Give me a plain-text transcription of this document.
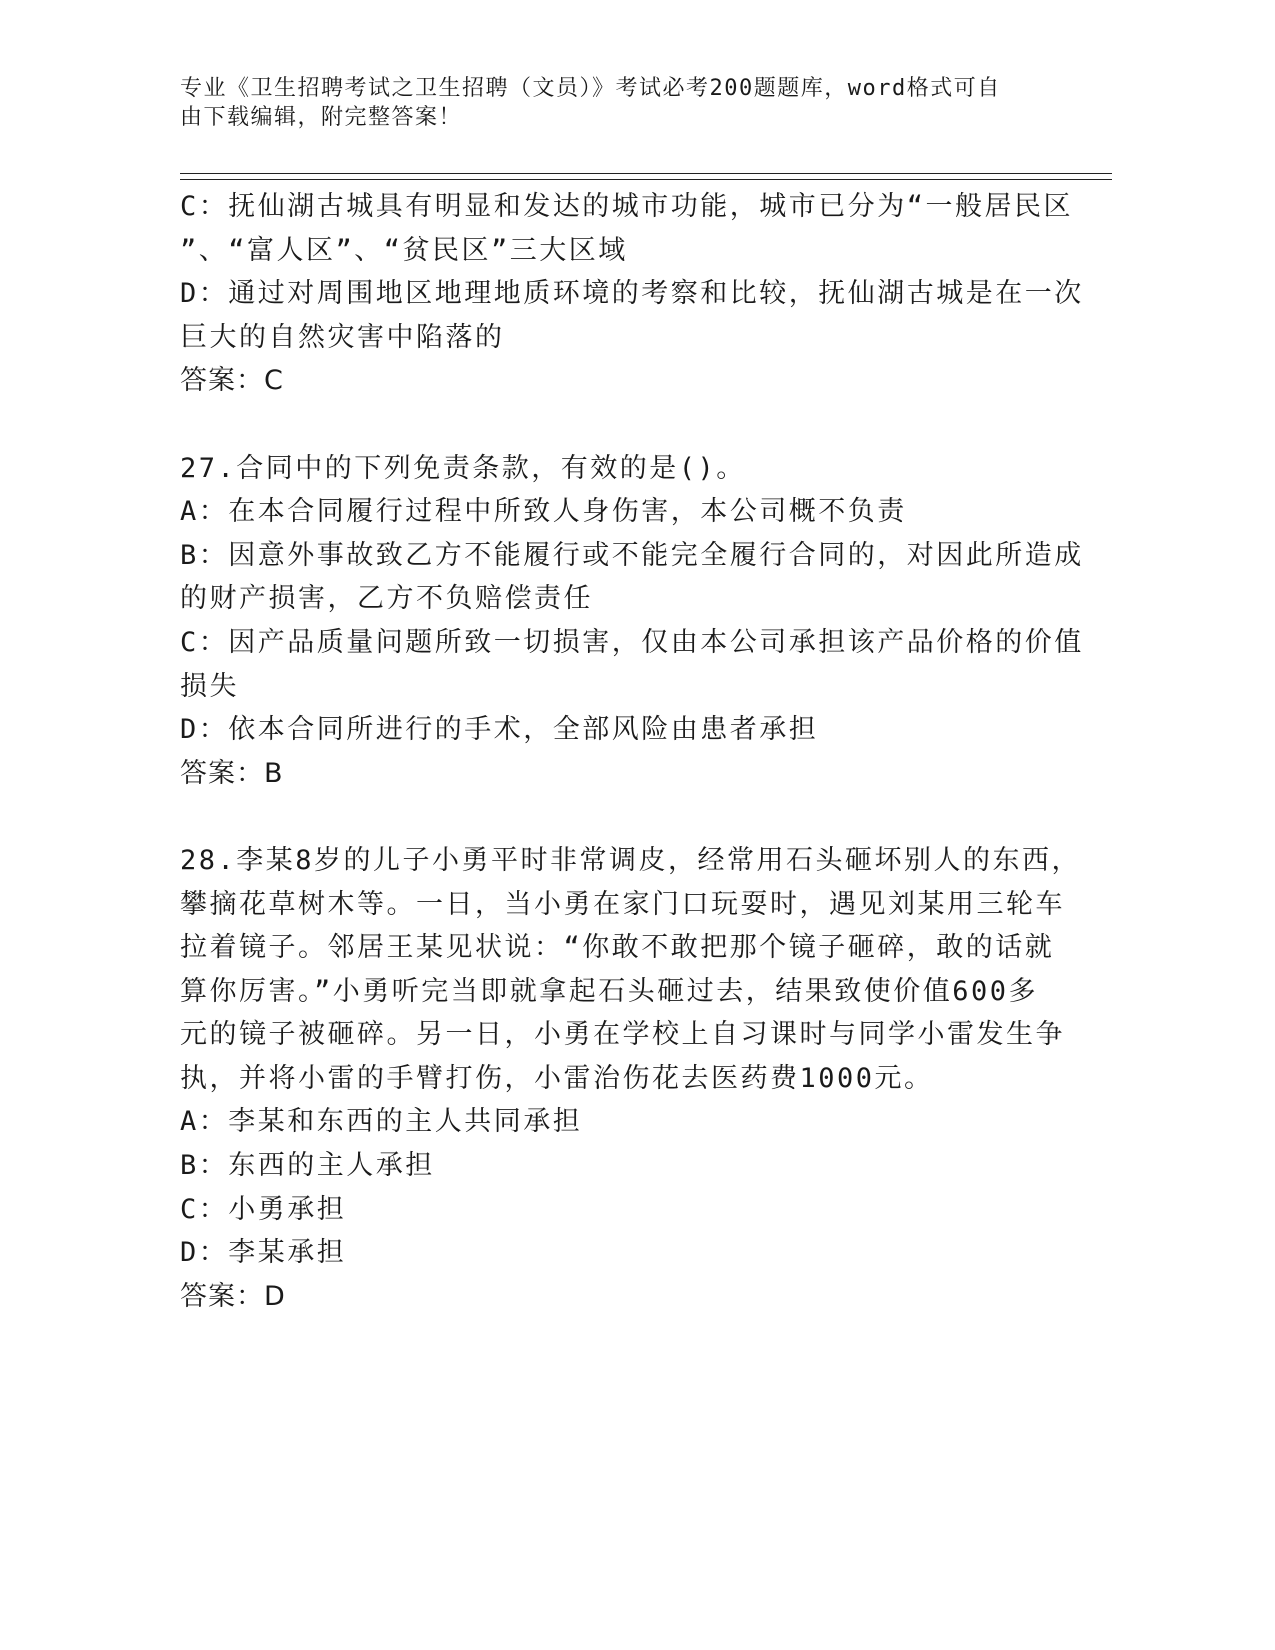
专业《卫生招聘考试之卫生招聘（文员）》考试必考200题题库，word格式可自
由下载编辑，附完整答案！
C：抚仙湖古城具有明显和发达的城市功能，城市已分为“一般居民区
”、“富人区”、“贫民区”三大区域
D：通过对周围地区地理地质环境的考察和比较，抚仙湖古城是在一次
巨大的自然灾害中陷落的
答案：C
27.合同中的下列免责条款，有效的是()。
A：在本合同履行过程中所致人身伤害，本公司概不负责
B：因意外事故致乙方不能履行或不能完全履行合同的，对因此所造成
的财产损害，乙方不负赔偿责任
C：因产品质量问题所致一切损害，仅由本公司承担该产品价格的价值
损失
D：依本合同所进行的手术，全部风险由患者承担
答案：B
28.李某8岁的儿子小勇平时非常调皮，经常用石头砸坏别人的东西，
攀摘花草树木等。一日，当小勇在家门口玩耍时，遇见刘某用三轮车
拉着镜子。邻居王某见状说：“你敢不敢把那个镜子砸碎，敢的话就
算你厉害。”小勇听完当即就拿起石头砸过去，结果致使价值600多
元的镜子被砸碎。另一日，小勇在学校上自习课时与同学小雷发生争
执，并将小雷的手臂打伤，小雷治伤花去医药费1000元。
A：李某和东西的主人共同承担
B：东西的主人承担
C：小勇承担
D：李某承担
答案：D
